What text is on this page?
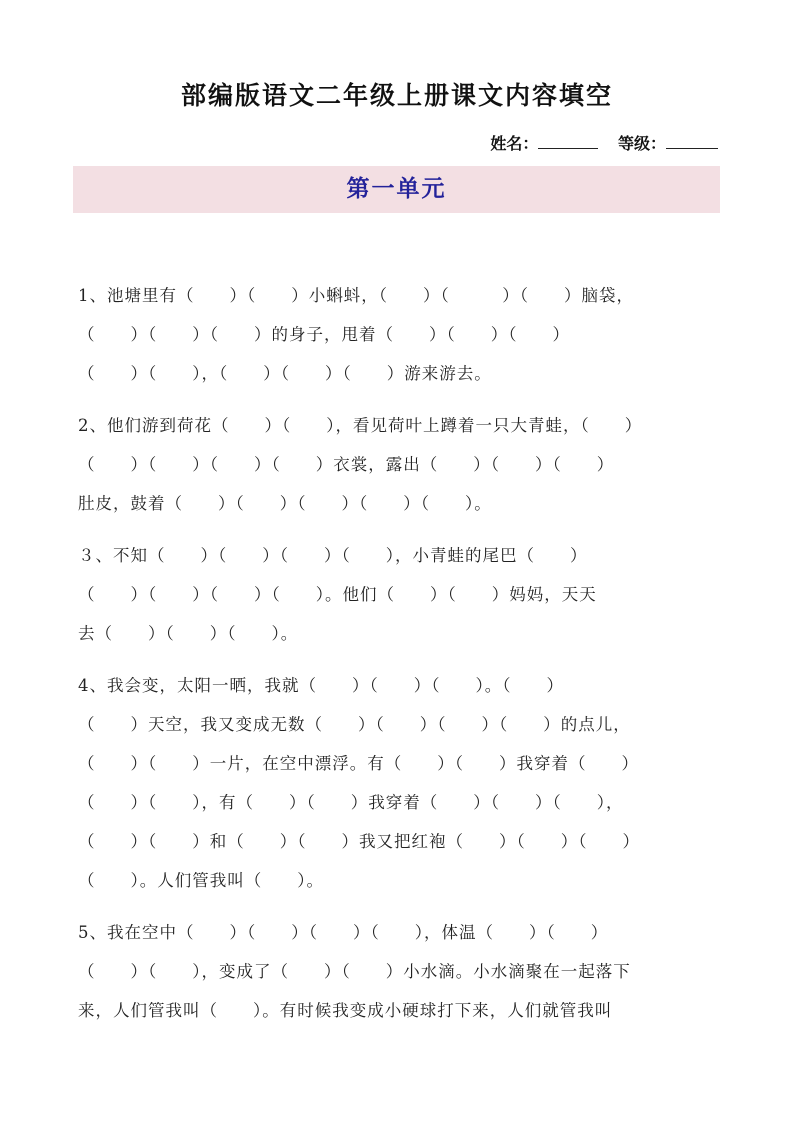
部编版语文二年级上册课文内容填空
姓名：	等级：
第一单元
1、池塘里有（　　）（　　）小蝌蚪，（　　）（　　　）（　　）脑袋，
（　　）（　　）（　　）的身子，甩着（　　）（　　）（　　）
（　　）（　　），（　　）（　　）（　　）游来游去。
2、他们游到荷花（　　）（　　），看见荷叶上蹲着一只大青蛙，（　　）
（　　）（　　）（　　）（　　）衣裳，露出（　　）（　　）（　　）
肚皮，鼓着（　　）（　　）（　　）（　　）（　　）。
３、不知（　　）（　　）（　　）（　　），小青蛙的尾巴（　　）
（　　）（　　）（　　）（　　）。他们（　　）（　　）妈妈，天天
去（　　）（　　）（　　）。
4、我会变，太阳一晒，我就（　　）（　　）（　　）。（　　）
（　　）天空，我又变成无数（　　）（　　）（　　）（　　）的点儿，
（　　）（　　）一片，在空中漂浮。有（　　）（　　）我穿着（　　）
（　　）（　　），有（　　）（　　）我穿着（　　）（　　）（　　），
（　　）（　　）和（　　）（　　）我又把红袍（　　）（　　）（　　）
（　　）。人们管我叫（　　）。
5、我在空中（　　）（　　）（　　）（　　），体温（　　）（　　）
（　　）（　　），变成了（　　）（　　）小水滴。小水滴聚在一起落下
来，人们管我叫（　　）。有时候我变成小硬球打下来，人们就管我叫
